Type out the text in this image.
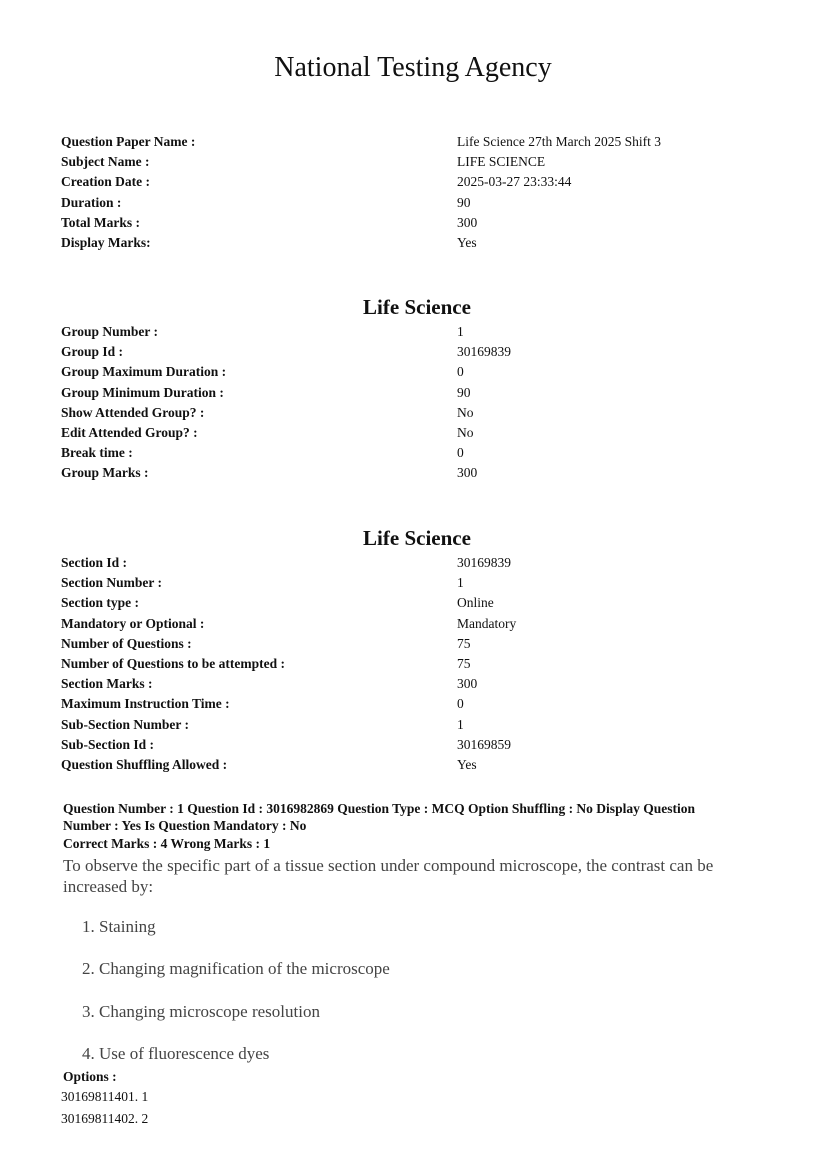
National Testing Agency
Question Paper Name :	Life Science 27th March 2025 Shift 3
Subject Name :	LIFE SCIENCE
Creation Date :	2025-03-27 23:33:44
Duration :	90
Total Marks :	300
Display Marks:	Yes
Life Science
Group Number :	1
Group Id :	30169839
Group Maximum Duration :	0
Group Minimum Duration :	90
Show Attended Group? :	No
Edit Attended Group? :	No
Break time :	0
Group Marks :	300
Life Science
Section Id :	30169839
Section Number :	1
Section type :	Online
Mandatory or Optional :	Mandatory
Number of Questions :	75
Number of Questions to be attempted :	75
Section Marks :	300
Maximum Instruction Time :	0
Sub-Section Number :	1
Sub-Section Id :	30169859
Question Shuffling Allowed :	Yes
Question Number : 1 Question Id : 3016982869 Question Type : MCQ Option Shuffling : No Display Question
Number : Yes Is Question Mandatory : No
Correct Marks : 4 Wrong Marks : 1
To observe the specific part of a tissue section under compound microscope, the contrast can be increased by:
1. Staining
2. Changing magnification of the microscope
3. Changing microscope resolution
4. Use of fluorescence dyes
Options :
30169811401. 1
30169811402. 2
